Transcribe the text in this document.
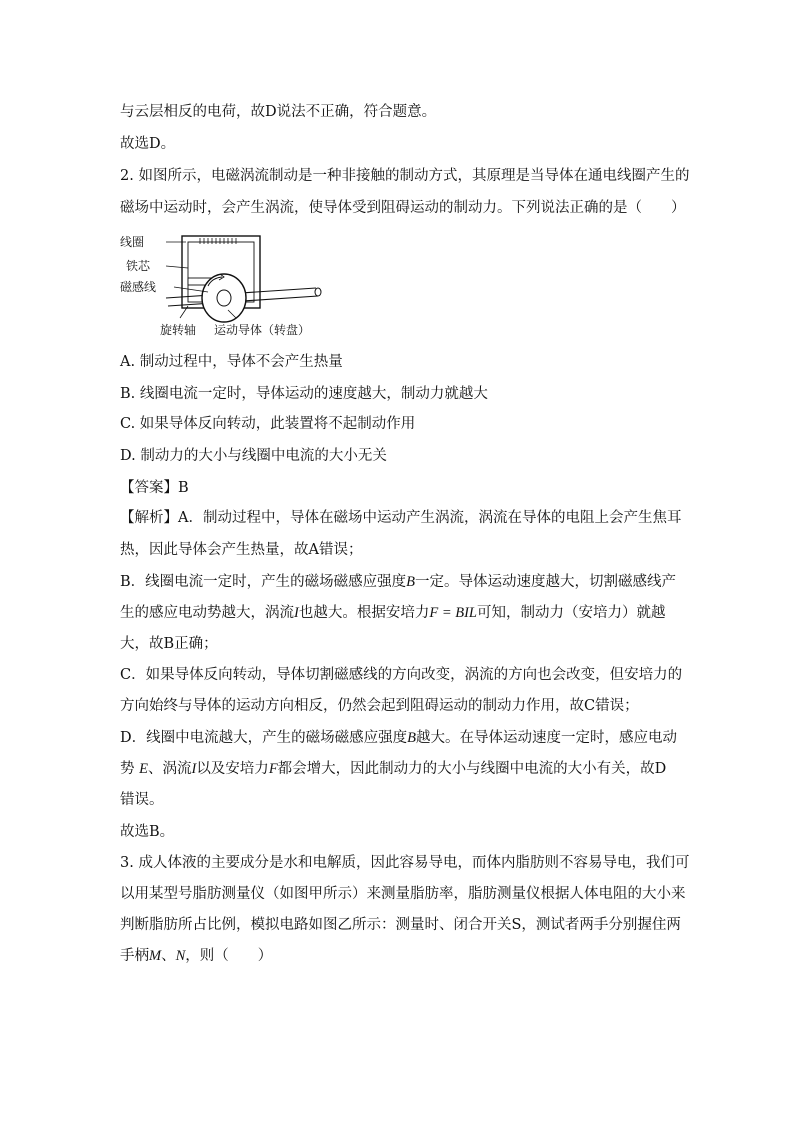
与云层相反的电荷，故D说法不正确，符合题意。
故选D。
2. 如图所示，电磁涡流制动是一种非接触的制动方式，其原理是当导体在通电线圈产生的
磁场中运动时，会产生涡流，使导体受到阻碍运动的制动力。下列说法正确的是（　　）
线圈
铁芯
磁感线
旋转轴 运动导体（转盘）
A. 制动过程中，导体不会产生热量
B. 线圈电流一定时，导体运动的速度越大，制动力就越大
C. 如果导体反向转动，此装置将不起制动作用
D. 制动力的大小与线圈中电流的大小无关
【答案】B
【解析】A．制动过程中，导体在磁场中运动产生涡流，涡流在导体的电阻上会产生焦耳
热，因此导体会产生热量，故A错误；
B．线圈电流一定时，产生的磁场磁感应强度B一定。导体运动速度越大，切割磁感线产
生的感应电动势越大，涡流I也越大。根据安培力F = BIL可知，制动力（安培力）就越
大，故B正确；
C．如果导体反向转动，导体切割磁感线的方向改变，涡流的方向也会改变，但安培力的
方向始终与导体的运动方向相反，仍然会起到阻碍运动的制动力作用，故C错误；
D．线圈中电流越大，产生的磁场磁感应强度B越大。在导体运动速度一定时，感应电动
势 E、涡流I以及安培力F都会增大，因此制动力的大小与线圈中电流的大小有关，故D
错误。
故选B。
3. 成人体液的主要成分是水和电解质，因此容易导电，而体内脂肪则不容易导电，我们可
以用某型号脂肪测量仪（如图甲所示）来测量脂肪率，脂肪测量仪根据人体电阻的大小来
判断脂肪所占比例，模拟电路如图乙所示：测量时、闭合开关S，测试者两手分别握住两
手柄M、N，则（　　）
